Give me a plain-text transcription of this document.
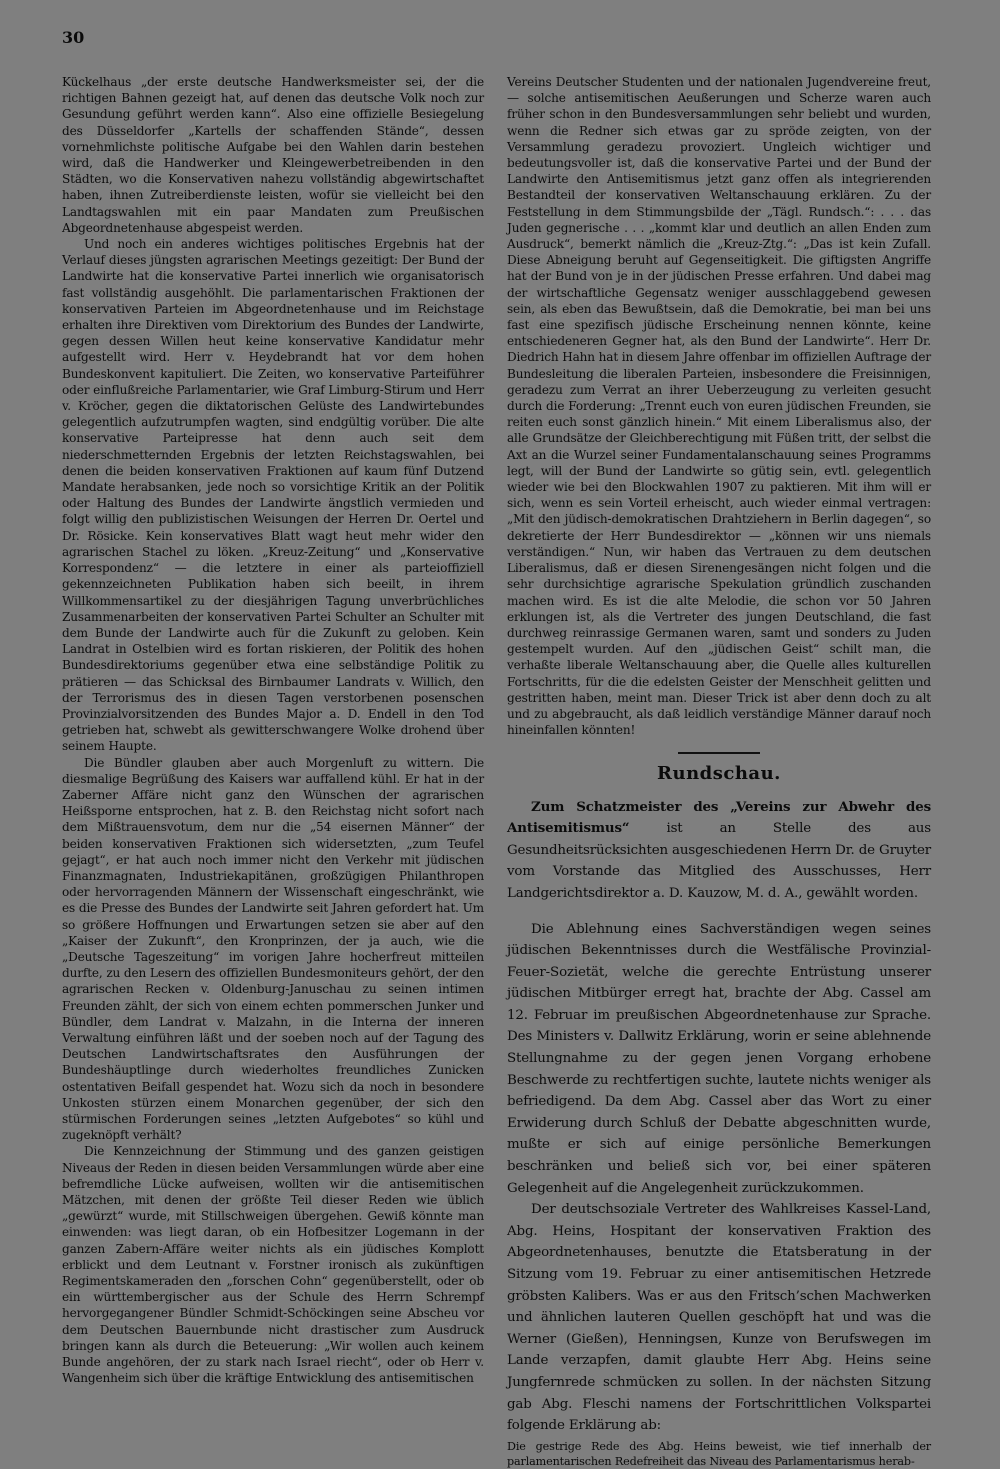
30

Kückelhaus „der erste deutsche Handwerksmeister sei, der die richtigen Bahnen gezeigt hat, auf denen das deutsche Volk noch zur Gesundung geführt werden kann“. Also eine offizielle Besiegelung des Düsseldorfer „Kartells der schaffenden Stände“, dessen vornehmlichste politische Aufgabe bei den Wahlen darin bestehen wird, daß die Handwerker und Kleingewerbetreibenden in den Städten, wo die Konservativen nahezu vollständig abgewirtschaftet haben, ihnen Zutreiberdienste leisten, wofür sie vielleicht bei den Landtagswahlen mit ein paar Mandaten zum Preußischen Abgeordnetenhause abgespeist werden.

Und noch ein anderes wichtiges politisches Ergebnis hat der Verlauf dieses jüngsten agrarischen Meetings gezeitigt: Der Bund der Landwirte hat die konservative Partei innerlich wie organisatorisch fast vollständig ausgehöhlt. Die parlamentarischen Fraktionen der konservativen Parteien im Abgeordnetenhause und im Reichstage erhalten ihre Direktiven vom Direktorium des Bundes der Landwirte, gegen dessen Willen heut keine konservative Kandidatur mehr aufgestellt wird. Herr v. Heydebrandt hat vor dem hohen Bundeskonvent kapituliert. Die Zeiten, wo konservative Parteiführer oder einflußreiche Parlamentarier, wie Graf Limburg-Stirum und Herr v. Kröcher, gegen die diktatorischen Gelüste des Landwirtebundes gelegentlich aufzutrumpfen wagten, sind endgültig vorüber. Die alte konservative Parteipresse hat denn auch seit dem niederschmetternden Ergebnis der letzten Reichstagswahlen, bei denen die beiden konservativen Fraktionen auf kaum fünf Dutzend Mandate herabsanken, jede noch so vorsichtige Kritik an der Politik oder Haltung des Bundes der Landwirte ängstlich vermieden und folgt willig den publizistischen Weisungen der Herren Dr. Oertel und Dr. Rösicke. Kein konservatives Blatt wagt heut mehr wider den agrarischen Stachel zu löken. „Kreuz-Zeitung“ und „Konservative Korrespondenz“ — die letztere in einer als parteioffiziell gekennzeichneten Publikation haben sich beeilt, in ihrem Willkommensartikel zu der diesjährigen Tagung unverbrüchliches Zusammenarbeiten der konservativen Partei Schulter an Schulter mit dem Bunde der Landwirte auch für die Zukunft zu geloben. Kein Landrat in Ostelbien wird es fortan riskieren, der Politik des hohen Bundesdirektoriums gegenüber etwa eine selbständige Politik zu prätieren — das Schicksal des Birnbaumer Landrats v. Willich, den der Terrorismus des in diesen Tagen verstorbenen posenschen Provinzialvorsitzenden des Bundes Major a. D. Endell in den Tod getrieben hat, schwebt als gewitterschwangere Wolke drohend über seinem Haupte.

Die Bündler glauben aber auch Morgenluft zu wittern. Die diesmalige Begrüßung des Kaisers war auffallend kühl. Er hat in der Zaberner Affäre nicht ganz den Wünschen der agrarischen Heißsporne entsprochen, hat z. B. den Reichstag nicht sofort nach dem Mißtrauensvotum, dem nur die „54 eisernen Männer“ der beiden konservativen Fraktionen sich widersetzten, „zum Teufel gejagt“, er hat auch noch immer nicht den Verkehr mit jüdischen Finanzmagnaten, Industriekapitänen, großzügigen Philanthropen oder hervorragenden Männern der Wissenschaft eingeschränkt, wie es die Presse des Bundes der Landwirte seit Jahren gefordert hat. Um so größere Hoffnungen und Erwartungen setzen sie aber auf den „Kaiser der Zukunft“, den Kronprinzen, der ja auch, wie die „Deutsche Tageszeitung“ im vorigen Jahre hocherfreut mitteilen durfte, zu den Lesern des offiziellen Bundesmoniteurs gehört, der den agrarischen Recken v. Oldenburg-Januschau zu seinen intimen Freunden zählt, der sich von einem echten pommerschen Junker und Bündler, dem Landrat v. Malzahn, in die Interna der inneren Verwaltung einführen läßt und der soeben noch auf der Tagung des Deutschen Landwirtschaftsrates den Ausführungen der Bundeshäuptlinge durch wiederholtes freundliches Zunicken ostentativen Beifall gespendet hat. Wozu sich da noch in besondere Unkosten stürzen einem Monarchen gegenüber, der sich den stürmischen Forderungen seines „letzten Aufgebotes“ so kühl und zugeknöpft verhält?

Die Kennzeichnung der Stimmung und des ganzen geistigen Niveaus der Reden in diesen beiden Versammlungen würde aber eine befremdliche Lücke aufweisen, wollten wir die antisemitischen Mätzchen, mit denen der größte Teil dieser Reden wie üblich „gewürzt“ wurde, mit Stillschweigen übergehen. Gewiß könnte man einwenden: was liegt daran, ob ein Hofbesitzer Logemann in der ganzen Zabern-Affäre weiter nichts als ein jüdisches Komplott erblickt und dem Leutnant v. Forstner ironisch als zukünftigen Regimentskameraden den „forschen Cohn“ gegenüberstellt, oder ob ein württembergischer aus der Schule des Herrn Schrempf hervorgegangener Bündler Schmidt-Schöckingen seine Abscheu vor dem Deutschen Bauernbunde nicht drastischer zum Ausdruck bringen kann als durch die Beteuerung: „Wir wollen auch keinem Bunde angehören, der zu stark nach Israel riecht“, oder ob Herr v. Wangenheim sich über die kräftige Entwicklung des antisemitischen

Vereins Deutscher Studenten und der nationalen Jugendvereine freut, — solche antisemitischen Aeußerungen und Scherze waren auch früher schon in den Bundesversammlungen sehr beliebt und wurden, wenn die Redner sich etwas gar zu spröde zeigten, von der Versammlung geradezu provoziert. Ungleich wichtiger und bedeutungsvoller ist, daß die konservative Partei und der Bund der Landwirte den Antisemitismus jetzt ganz offen als integrierenden Bestandteil der konservativen Weltanschauung erklären. Zu der Feststellung in dem Stimmungsbilde der „Tägl. Rundsch.“: . . . das Juden gegnerische . . . „kommt klar und deutlich an allen Enden zum Ausdruck“, bemerkt nämlich die „Kreuz-Ztg.“: „Das ist kein Zufall. Diese Abneigung beruht auf Gegenseitigkeit. Die giftigsten Angriffe hat der Bund von je in der jüdischen Presse erfahren. Und dabei mag der wirtschaftliche Gegensatz weniger ausschlaggebend gewesen sein, als eben das Bewußtsein, daß die Demokratie, bei man bei uns fast eine spezifisch jüdische Erscheinung nennen könnte, keine entschiedeneren Gegner hat, als den Bund der Landwirte“. Herr Dr. Diedrich Hahn hat in diesem Jahre offenbar im offiziellen Auftrage der Bundesleitung die liberalen Parteien, insbesondere die Freisinnigen, geradezu zum Verrat an ihrer Ueberzeugung zu verleiten gesucht durch die Forderung: „Trennt euch von euren jüdischen Freunden, sie reiten euch sonst gänzlich hinein.“ Mit einem Liberalismus also, der alle Grundsätze der Gleichberechtigung mit Füßen tritt, der selbst die Axt an die Wurzel seiner Fundamentalanschauung seines Programms legt, will der Bund der Landwirte so gütig sein, evtl. gelegentlich wieder wie bei den Blockwahlen 1907 zu paktieren. Mit ihm will er sich, wenn es sein Vorteil erheischt, auch wieder einmal vertragen: „Mit den jüdisch-demokratischen Drahtziehern in Berlin dagegen“, so dekretierte der Herr Bundesdirektor — „können wir uns niemals verständigen.“ Nun, wir haben das Vertrauen zu dem deutschen Liberalismus, daß er diesen Sirenengesängen nicht folgen und die sehr durchsichtige agrarische Spekulation gründlich zuschanden machen wird. Es ist die alte Melodie, die schon vor 50 Jahren erklungen ist, als die Vertreter des jungen Deutschland, die fast durchweg reinrassige Germanen waren, samt und sonders zu Juden gestempelt wurden. Auf den „jüdischen Geist“ schilt man, die verhaßte liberale Weltanschauung aber, die Quelle alles kulturellen Fortschritts, für die die edelsten Geister der Menschheit gelitten und gestritten haben, meint man. Dieser Trick ist aber denn doch zu alt und zu abgebraucht, als daß leidlich verständige Männer darauf noch hineinfallen könnten!

Rundschau.

Zum Schatzmeister des „Vereins zur Abwehr des Antisemitismus“ ist an Stelle des aus Gesundheitsrücksichten ausgeschiedenen Herrn Dr. de Gruyter vom Vorstande das Mitglied des Ausschusses, Herr Landgerichtsdirektor a. D. Kauzow, M. d. A., gewählt worden.

Die Ablehnung eines Sachverständigen wegen seines jüdischen Bekenntnisses durch die Westfälische Provinzial-Feuer-Sozietät, welche die gerechte Entrüstung unserer jüdischen Mitbürger erregt hat, brachte der Abg. Cassel am 12. Februar im preußischen Abgeordnetenhause zur Sprache. Des Ministers v. Dallwitz Erklärung, worin er seine ablehnende Stellungnahme zu der gegen jenen Vorgang erhobene Beschwerde zu rechtfertigen suchte, lautete nichts weniger als befriedigend. Da dem Abg. Cassel aber das Wort zu einer Erwiderung durch Schluß der Debatte abgeschnitten wurde, mußte er sich auf einige persönliche Bemerkungen beschränken und beließ sich vor, bei einer späteren Gelegenheit auf die Angelegenheit zurückzukommen.

Der deutschsoziale Vertreter des Wahlkreises Kassel-Land, Abg. Heins, Hospitant der konservativen Fraktion des Abgeordnetenhauses, benutzte die Etatsberatung in der Sitzung vom 19. Februar zu einer antisemitischen Hetzrede gröbsten Kalibers. Was er aus den Fritsch’schen Machwerken und ähnlichen lauteren Quellen geschöpft hat und was die Werner (Gießen), Henningsen, Kunze von Berufswegen im Lande verzapfen, damit glaubte Herr Abg. Heins seine Jungfernrede schmücken zu sollen. In der nächsten Sitzung gab Abg. Fleschi namens der Fortschrittlichen Volkspartei folgende Erklärung ab:

Die gestrige Rede des Abg. Heins beweist, wie tief innerhalb der parlamentarischen Redefreiheit das Niveau des Parlamentarismus herab-
